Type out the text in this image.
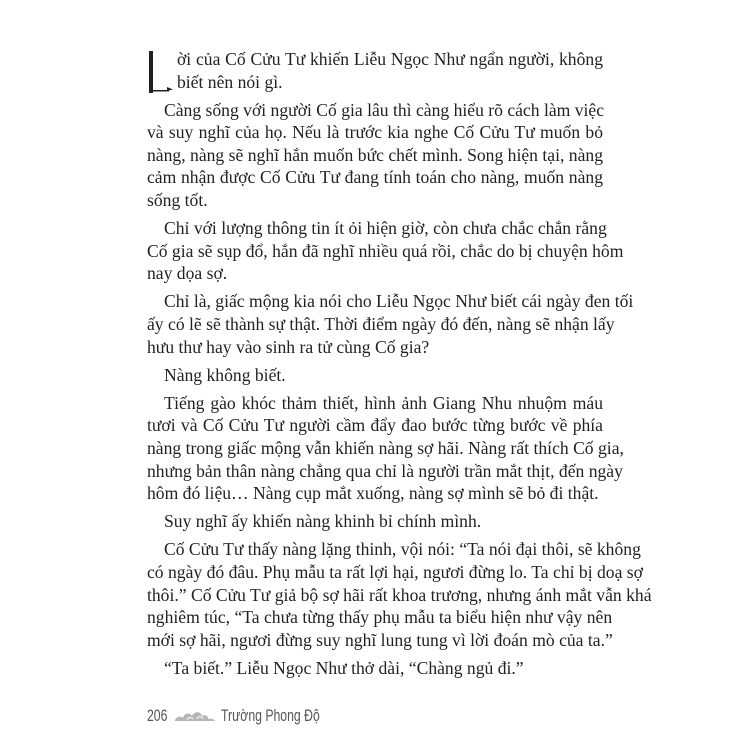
ời của Cố Cửu Tư khiến Liễu Ngọc Như ngẩn người, không
biết nên nói gì.
Càng sống với người Cố gia lâu thì càng hiểu rõ cách làm việc
và suy nghĩ của họ. Nếu là trước kia nghe Cố Cửu Tư muốn bỏ
nàng, nàng sẽ nghĩ hắn muốn bức chết mình. Song hiện tại, nàng
cảm nhận được Cố Cửu Tư đang tính toán cho nàng, muốn nàng
sống tốt.
Chỉ với lượng thông tin ít ỏi hiện giờ, còn chưa chắc chắn rằng
Cố gia sẽ sụp đổ, hắn đã nghĩ nhiều quá rồi, chắc do bị chuyện hôm
nay dọa sợ.
Chỉ là, giấc mộng kia nói cho Liễu Ngọc Như biết cái ngày đen tối
ấy có lẽ sẽ thành sự thật. Thời điểm ngày đó đến, nàng sẽ nhận lấy
hưu thư hay vào sinh ra tử cùng Cố gia?
Nàng không biết.
Tiếng gào khóc thảm thiết, hình ảnh Giang Nhu nhuộm máu
tươi và Cố Cửu Tư người cầm đẩy đao bước từng bước về phía
nàng trong giấc mộng vẫn khiến nàng sợ hãi. Nàng rất thích Cố gia,
nhưng bản thân nàng chẳng qua chỉ là người trần mắt thịt, đến ngày
hôm đó liệu… Nàng cụp mắt xuống, nàng sợ mình sẽ bỏ đi thật.
Suy nghĩ ấy khiến nàng khinh bỉ chính mình.
Cố Cửu Tư thấy nàng lặng thinh, vội nói: “Ta nói đại thôi, sẽ không
có ngày đó đâu. Phụ mẫu ta rất lợi hại, ngươi đừng lo. Ta chỉ bị doạ sợ
thôi.” Cố Cửu Tư giả bộ sợ hãi rất khoa trương, nhưng ánh mắt vẫn khá
nghiêm túc, “Ta chưa từng thấy phụ mẫu ta biểu hiện như vậy nên
mới sợ hãi, ngươi đừng suy nghĩ lung tung vì lời đoán mò của ta.”
“Ta biết.” Liễu Ngọc Như thở dài, “Chàng ngủ đi.”
206	Trường Phong Độ
